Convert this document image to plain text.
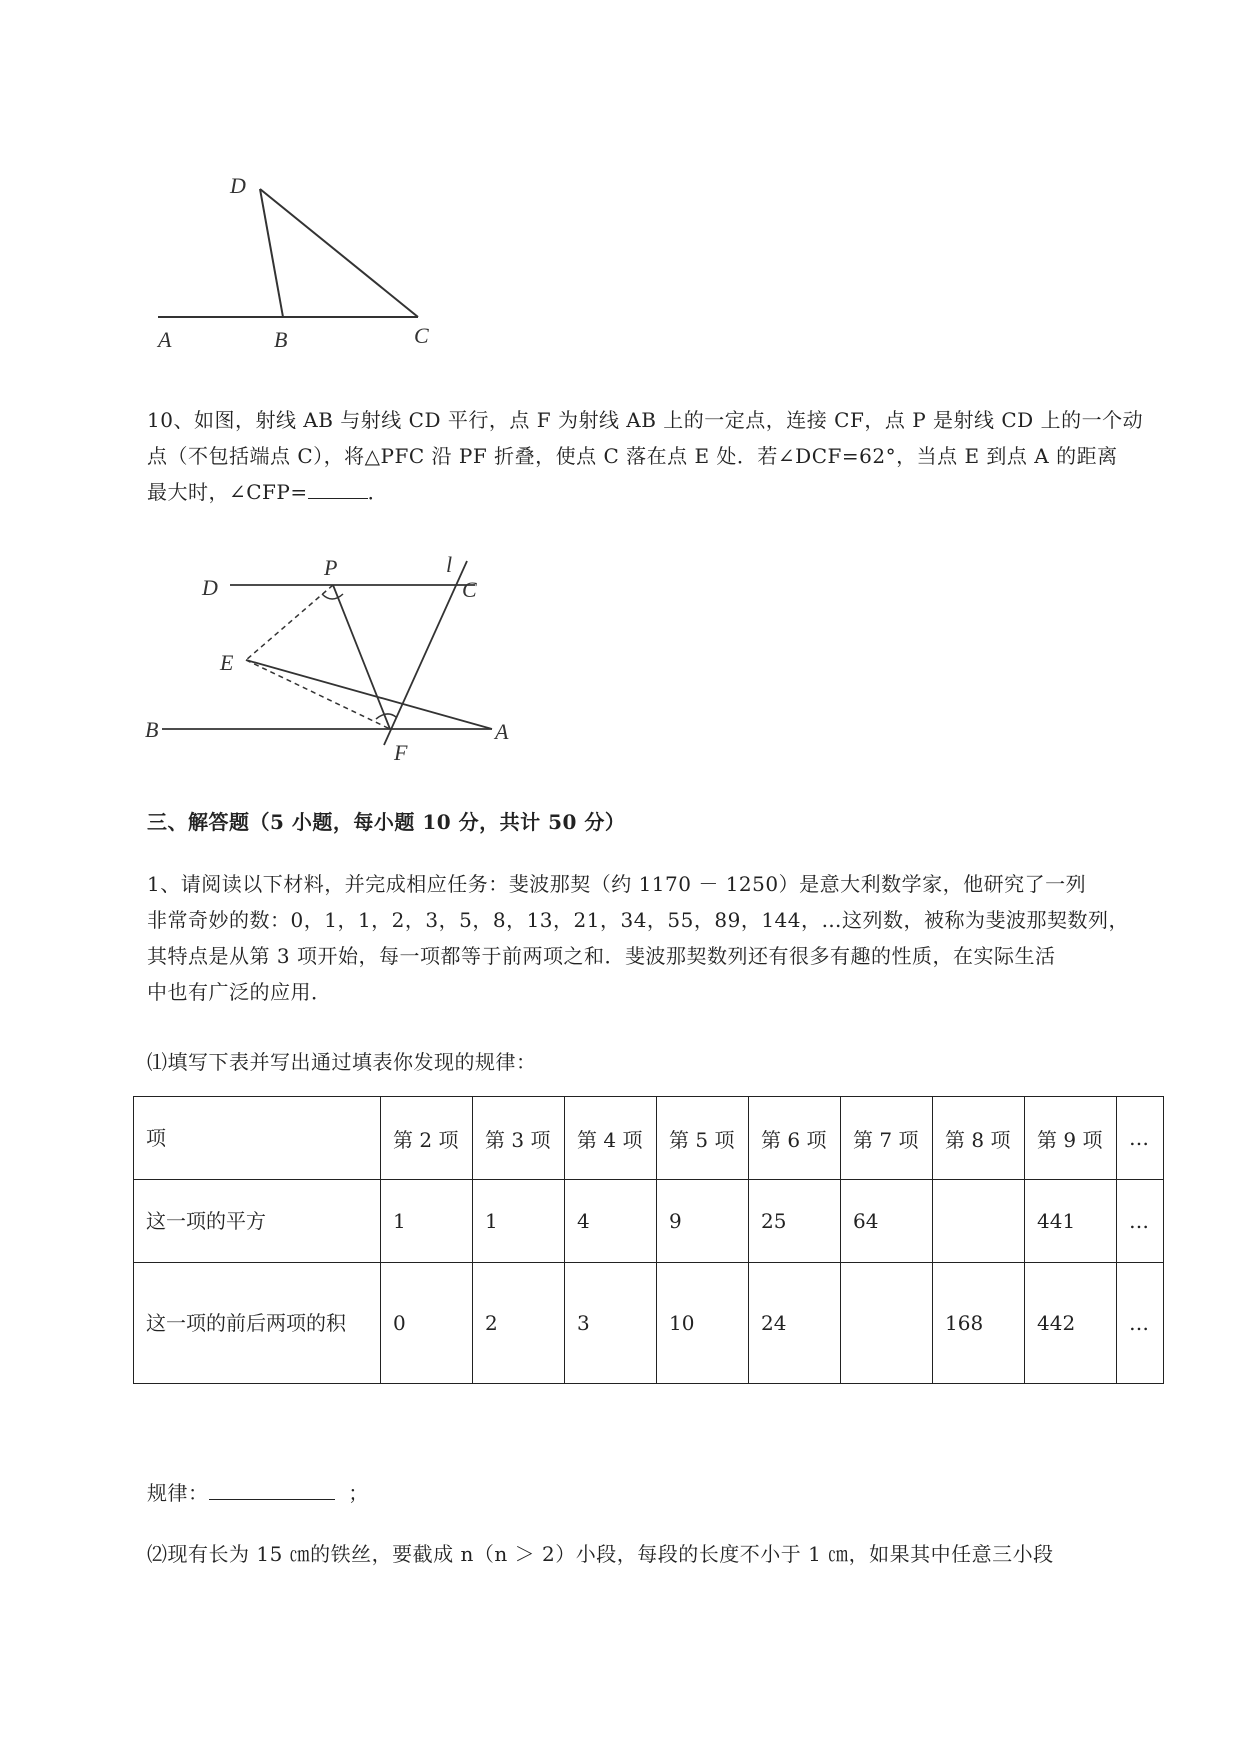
D
A	B	C
10、如图，射线 AB 与射线 CD 平行，点 F 为射线 AB 上的一定点，连接 CF，点 P 是射线 CD 上的一个动
点（不包括端点 C），将△PFC 沿 PF 折叠，使点 C 落在点 E 处．若∠DCF=62°，当点 E 到点 A 的距离
最大时，∠CFP=	．
D
P	l
C
E
B	A
F
三、解答题（5 小题，每小题 10 分，共计 50 分）
1、请阅读以下材料，并完成相应任务：斐波那契（约 1170 － 1250）是意大利数学家，他研究了一列
非常奇妙的数：0，1，1，2，3，5，8，13，21，34，55，89，144，…这列数，被称为斐波那契数列，
其特点是从第 3 项开始，每一项都等于前两项之和．斐波那契数列还有很多有趣的性质，在实际生活
中也有广泛的应用．
⑴填写下表并写出通过填表你发现的规律：
项	第 2 项	第 3 项	第 4 项	第 5 项	第 6 项	第 7 项	第 8 项	第 9 项	…
这一项的平方	1	1	4	9	25	64		441	…
这一项的前后两项的积	0	2	3	10	24		168	442	…
规律：	；
⑵现有长为 15 ㎝的铁丝，要截成 n（n ＞ 2）小段，每段的长度不小于 1 ㎝，如果其中任意三小段
